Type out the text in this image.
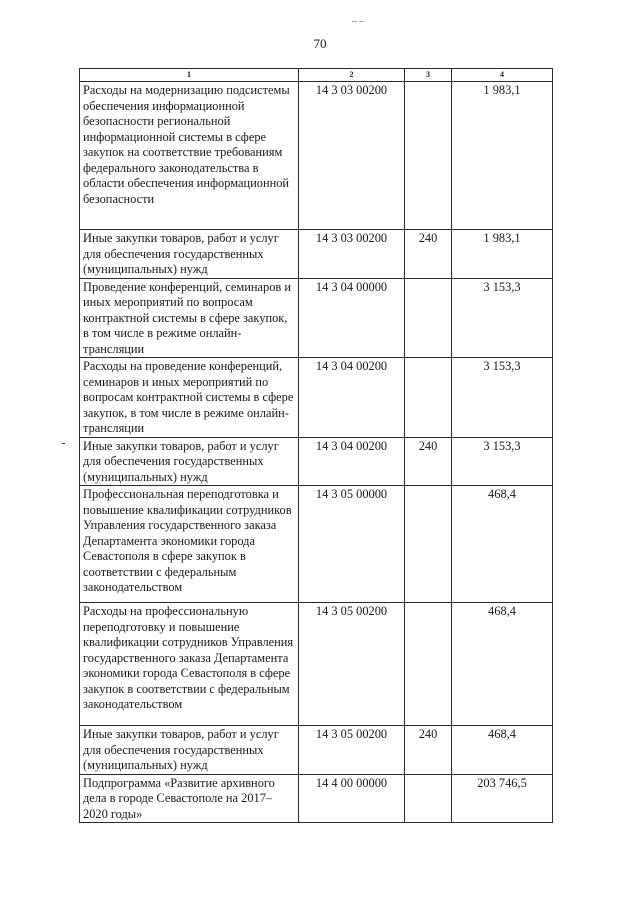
– –
70
1	2	3	4
Расходы на модернизацию подсистемы обеспечения информационной безопасности региональной информационной системы в сфере закупок на соответствие требованиям федерального законодательства в области обеспечения информационной безопасности	14 3 03 00200		1 983,1
Иные закупки товаров, работ и услуг для обеспечения государственных (муниципальных) нужд	14 3 03 00200	240	1 983,1
Проведение конференций, семинаров и иных мероприятий по вопросам контрактной системы в сфере закупок, в том числе в режиме онлайн-трансляции	14 3 04 00000		3 153,3
Расходы на проведение конференций, семинаров и иных мероприятий по вопросам контрактной системы в сфере закупок, в том числе в режиме онлайн-трансляции	14 3 04 00200		3 153,3
Иные закупки товаров, работ и услуг для обеспечения государственных (муниципальных) нужд	14 3 04 00200	240	3 153,3
Профессиональная переподготовка и повышение квалификации сотрудников Управления государственного заказа Департамента экономики города Севастополя в сфере закупок в соответствии с федеральным законодательством	14 3 05 00000		468,4
Расходы на профессиональную переподготовку и повышение квалификации сотрудников Управления государственного заказа Департамента экономики города Севастополя в сфере закупок в соответствии с федеральным законодательством	14 3 05 00200		468,4
Иные закупки товаров, работ и услуг для обеспечения государственных (муниципальных) нужд	14 3 05 00200	240	468,4
Подпрограмма «Развитие архивного дела в городе Севастополе на 2017–2020 годы»	14 4 00 00000		203 746,5
